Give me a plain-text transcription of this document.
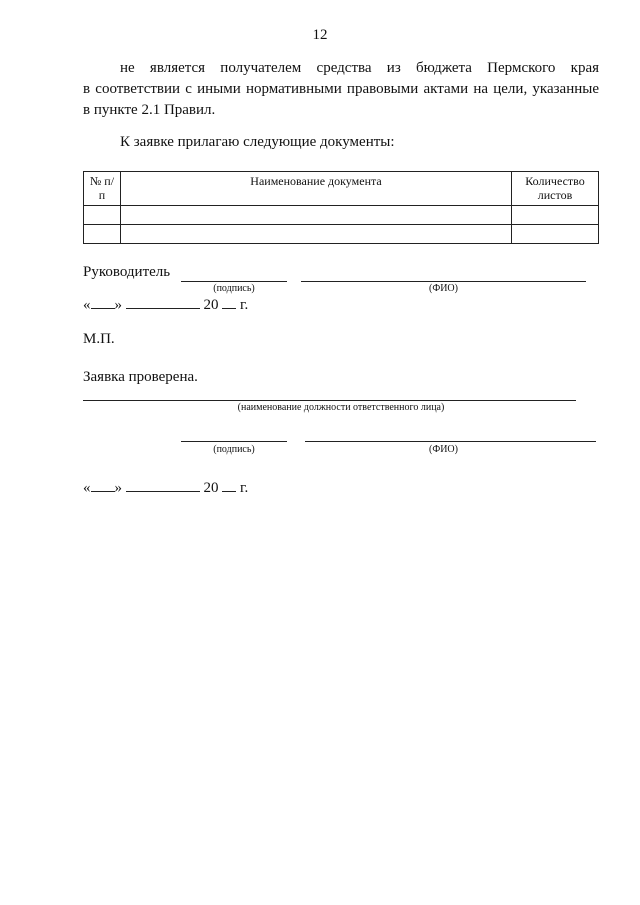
12
не является получателем средства из бюджета Пермского края
в соответствии с иными нормативными правовыми актами на цели, указанные
в пункте 2.1 Правил.
К заявке прилагаю следующие документы:
№ п/п	Наименование документа	Количество листов

Руководитель
(подпись)	(ФИО)
« »	20 г.
М.П.
Заявка проверена.
(наименование должности ответственного лица)
(подпись)	(ФИО)
« »	20 г.
